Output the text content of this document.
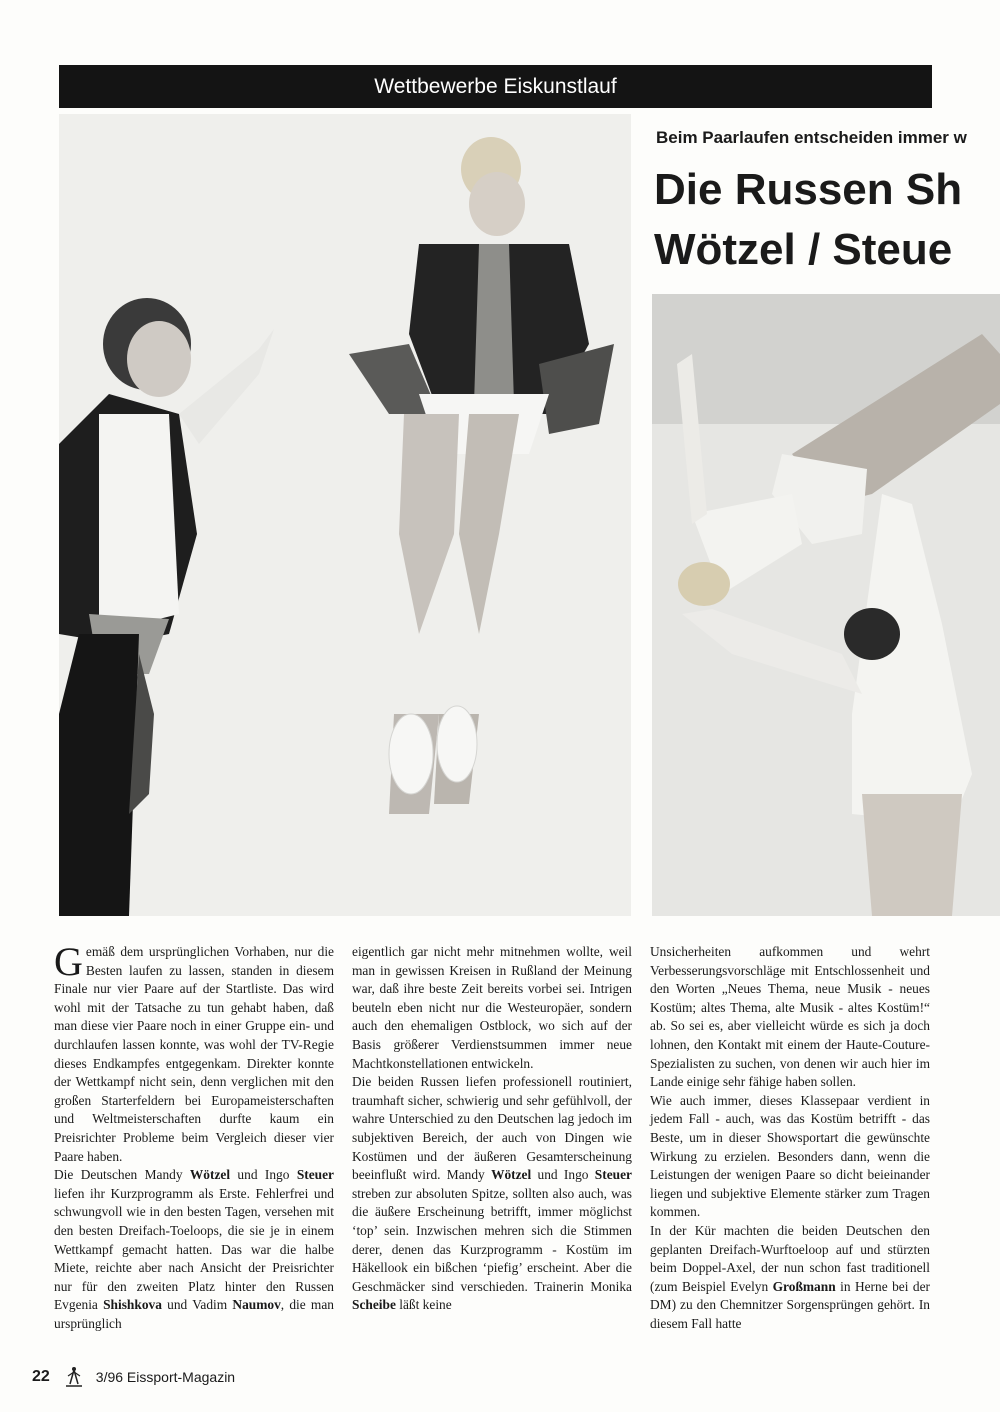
Wettbewerbe Eiskunstlauf
Beim Paarlaufen entscheiden immer w
Die Russen Sh
Wötzel / Steue

Gemäß dem ursprünglichen Vorhaben, nur die Besten laufen zu lassen, standen in diesem Finale nur vier Paare auf der Startliste. Das wird wohl mit der Tatsache zu tun gehabt haben, daß man diese vier Paare noch in einer Gruppe ein- und durchlaufen lassen konnte, was wohl der TV-Regie dieses Endkampfes entgegenkam. Direkter konnte der Wettkampf nicht sein, denn verglichen mit den großen Starterfeldern bei Europameisterschaften und Weltmeisterschaften durfte kaum ein Preisrichter Probleme beim Vergleich dieser vier Paare haben.

Die Deutschen Mandy Wötzel und Ingo Steuer liefen ihr Kurzprogramm als Erste. Fehlerfrei und schwungvoll wie in den besten Tagen, versehen mit den besten Dreifach-Toeloops, die sie je in einem Wettkampf gemacht hatten. Das war die halbe Miete, reichte aber nach Ansicht der Preisrichter nur für den zweiten Platz hinter den Russen Evgenia Shishkova und Vadim Naumov, die man ursprünglich

eigentlich gar nicht mehr mitnehmen wollte, weil man in gewissen Kreisen in Rußland der Meinung war, daß ihre beste Zeit bereits vorbei sei. Intrigen beuteln eben nicht nur die Westeuropäer, sondern auch den ehemaligen Ostblock, wo sich auf der Basis größerer Verdienstsummen immer neue Machtkonstellationen entwickeln.

Die beiden Russen liefen professionell routiniert, traumhaft sicher, schwierig und sehr gefühlvoll, der wahre Unterschied zu den Deutschen lag jedoch im subjektiven Bereich, der auch von Dingen wie Kostümen und der äußeren Gesamterscheinung beeinflußt wird. Mandy Wötzel und Ingo Steuer streben zur absoluten Spitze, sollten also auch, was die äußere Erscheinung betrifft, immer möglichst ‘top’ sein. Inzwischen mehren sich die Stimmen derer, denen das Kurzprogramm - Kostüm im Häkellook ein bißchen ‘piefig’ erscheint. Aber die Geschmäcker sind verschieden. Trainerin Monika Scheibe läßt keine

Unsicherheiten aufkommen und wehrt Verbesserungsvorschläge mit Entschlossenheit und den Worten „Neues Thema, neue Musik - neues Kostüm; altes Thema, alte Musik - altes Kostüm!“ ab. So sei es, aber vielleicht würde es sich ja doch lohnen, den Kontakt mit einem der Haute-Couture-Spezialisten zu suchen, von denen wir auch hier im Lande einige sehr fähige haben sollen.

Wie auch immer, dieses Klassepaar verdient in jedem Fall - auch, was das Kostüm betrifft - das Beste, um in dieser Showsportart die gewünschte Wirkung zu erzielen. Besonders dann, wenn die Leistungen der wenigen Paare so dicht beieinander liegen und subjektive Elemente stärker zum Tragen kommen.

In der Kür machten die beiden Deutschen den geplanten Dreifach-Wurftoeloop auf und stürzten beim Doppel-Axel, der nun schon fast traditionell (zum Beispiel Evelyn Großmann in Herne bei der DM) zu den Chemnitzer Sorgensprüngen gehört. In diesem Fall hatte

22	3/96 Eissport-Magazin
